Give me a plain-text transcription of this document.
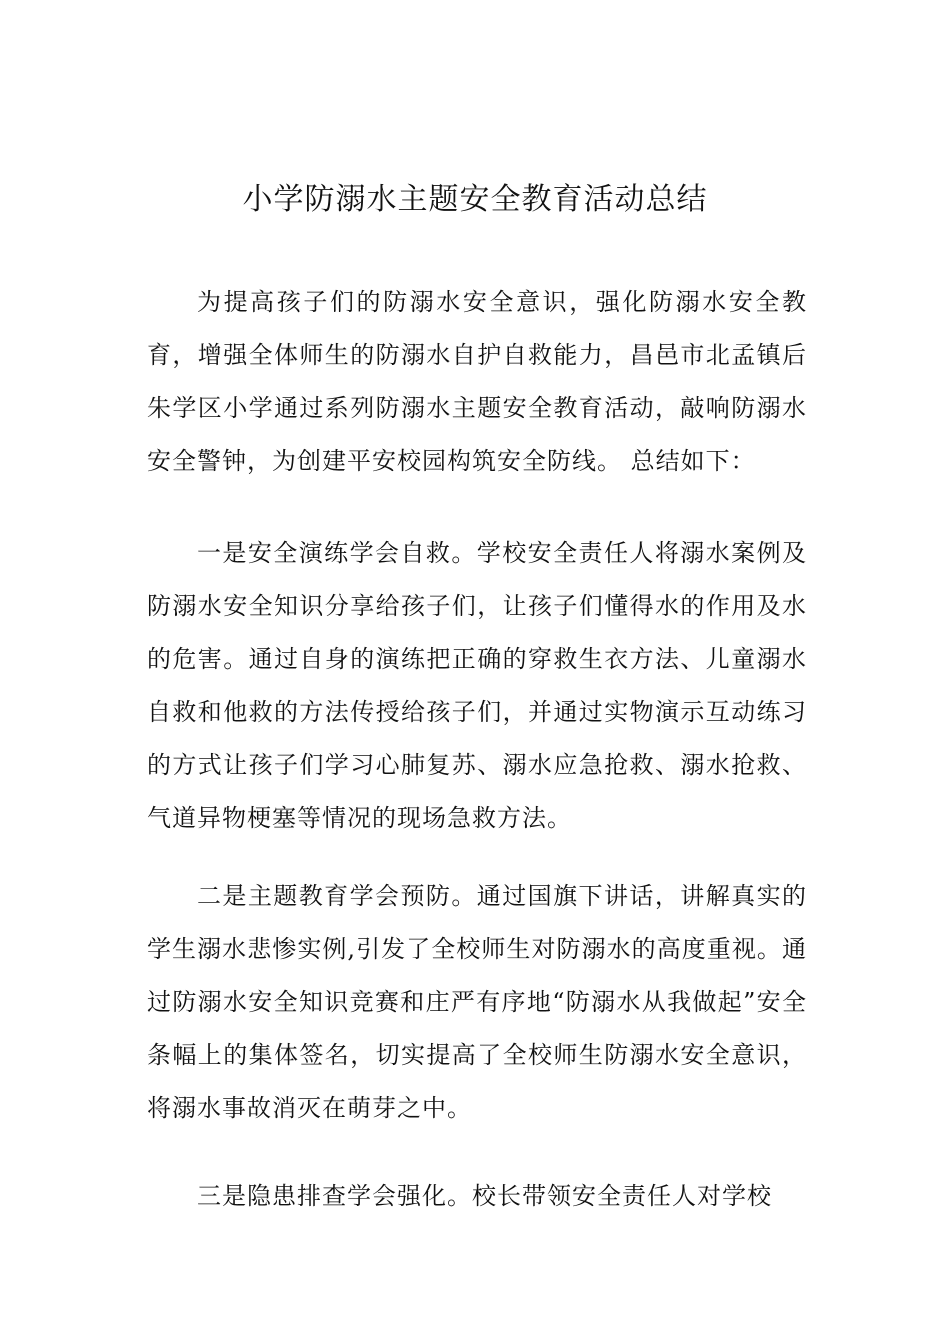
小学防溺水主题安全教育活动总结

为提高孩子们的防溺水安全意识，强化防溺水安全教育，增强全体师生的防溺水自护自救能力，昌邑市北孟镇后朱学区小学通过系列防溺水主题安全教育活动，敲响防溺水安全警钟，为创建平安校园构筑安全防线。 总结如下：

一是安全演练学会自救。学校安全责任人将溺水案例及防溺水安全知识分享给孩子们，让孩子们懂得水的作用及水的危害。通过自身的演练把正确的穿救生衣方法、儿童溺水自救和他救的方法传授给孩子们，并通过实物演示互动练习的方式让孩子们学习心肺复苏、溺水应急抢救、溺水抢救、气道异物梗塞等情况的现场急救方法。

二是主题教育学会预防。通过国旗下讲话，讲解真实的学生溺水悲惨实例,引发了全校师生对防溺水的高度重视。通过防溺水安全知识竞赛和庄严有序地“防溺水从我做起”安全条幅上的集体签名，切实提高了全校师生防溺水安全意识，将溺水事故消灭在萌芽之中。

三是隐患排查学会强化。校长带领安全责任人对学校
